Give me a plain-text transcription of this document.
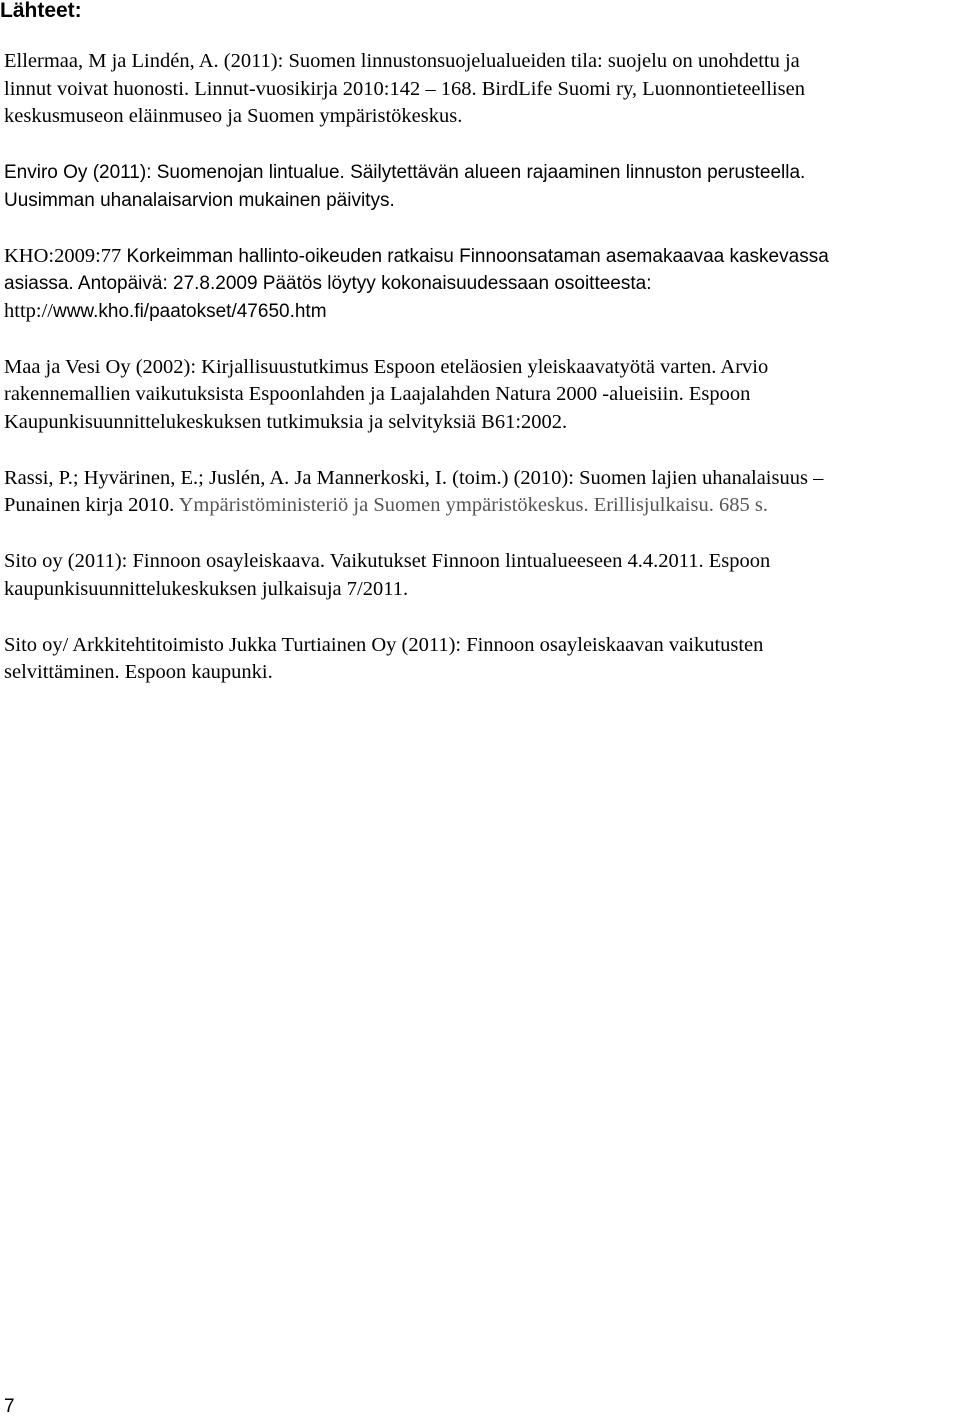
Lähteet:

Ellermaa, M ja Lindén, A. (2011): Suomen linnustonsuojelualueiden tila: suojelu on unohdettu ja
linnut voivat huonosti. Linnut-vuosikirja 2010:142 – 168. BirdLife Suomi ry, Luonnontieteellisen
keskusmuseon eläinmuseo ja Suomen ympäristökeskus.

Enviro Oy (2011): Suomenojan lintualue. Säilytettävän alueen rajaaminen linnuston perusteella.
Uusimman uhanalaisarvion mukainen päivitys.

KHO:2009:77 Korkeimman hallinto-oikeuden ratkaisu Finnoonsataman asemakaavaa kaskevassa
asiassa. Antopäivä: 27.8.2009 Päätös löytyy kokonaisuudessaan osoitteesta:
http://www.kho.fi/paatokset/47650.htm

Maa ja Vesi Oy (2002): Kirjallisuustutkimus Espoon eteläosien yleiskaavatyötä varten. Arvio
rakennemallien vaikutuksista Espoonlahden ja Laajalahden Natura 2000 -alueisiin. Espoon
Kaupunkisuunnittelukeskuksen tutkimuksia ja selvityksiä B61:2002.

Rassi, P.; Hyvärinen, E.; Juslén, A. Ja Mannerkoski, I. (toim.) (2010): Suomen lajien uhanalaisuus –
Punainen kirja 2010. Ympäristöministeriö ja Suomen ympäristökeskus. Erillisjulkaisu. 685 s.

Sito oy (2011): Finnoon osayleiskaava. Vaikutukset Finnoon lintualueeseen 4.4.2011. Espoon
kaupunkisuunnittelukeskuksen julkaisuja 7/2011.

Sito oy/ Arkkitehtitoimisto Jukka Turtiainen Oy (2011): Finnoon osayleiskaavan vaikutusten
selvittäminen. Espoon kaupunki.

7
